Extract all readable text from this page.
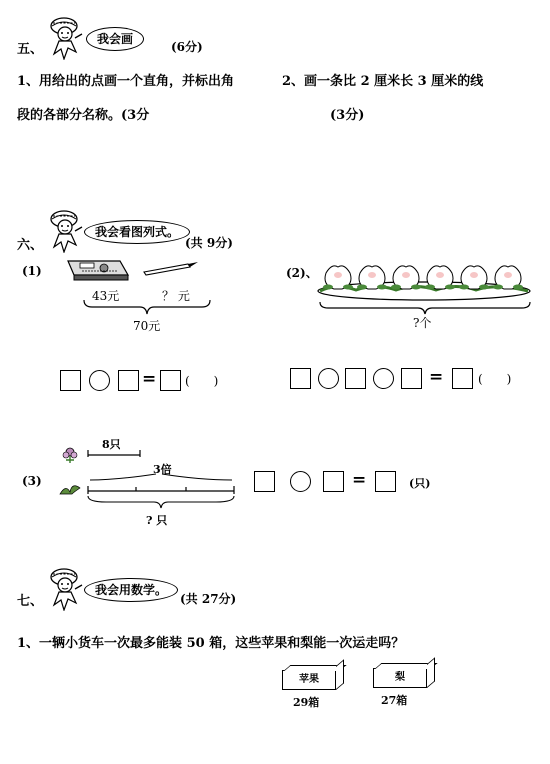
五、
我会画
(6分)
1、用给出的点画一个直角，并标出角
段的各部分名称。(3分
2、画一条比 2 厘米长 3 厘米的线
(3分)
六、
我会看图列式。
(共 9分)
(1)
43元	？ 元
70元
= (　　)
(2)、
?个
=	(　　)
(3)
8只
3倍
? 只
=	(只)
七、
我会用数学。
(共 27分)
1、一辆小货车一次最多能装 50 箱，这些苹果和梨能一次运走吗？
苹果
29箱
梨
27箱
